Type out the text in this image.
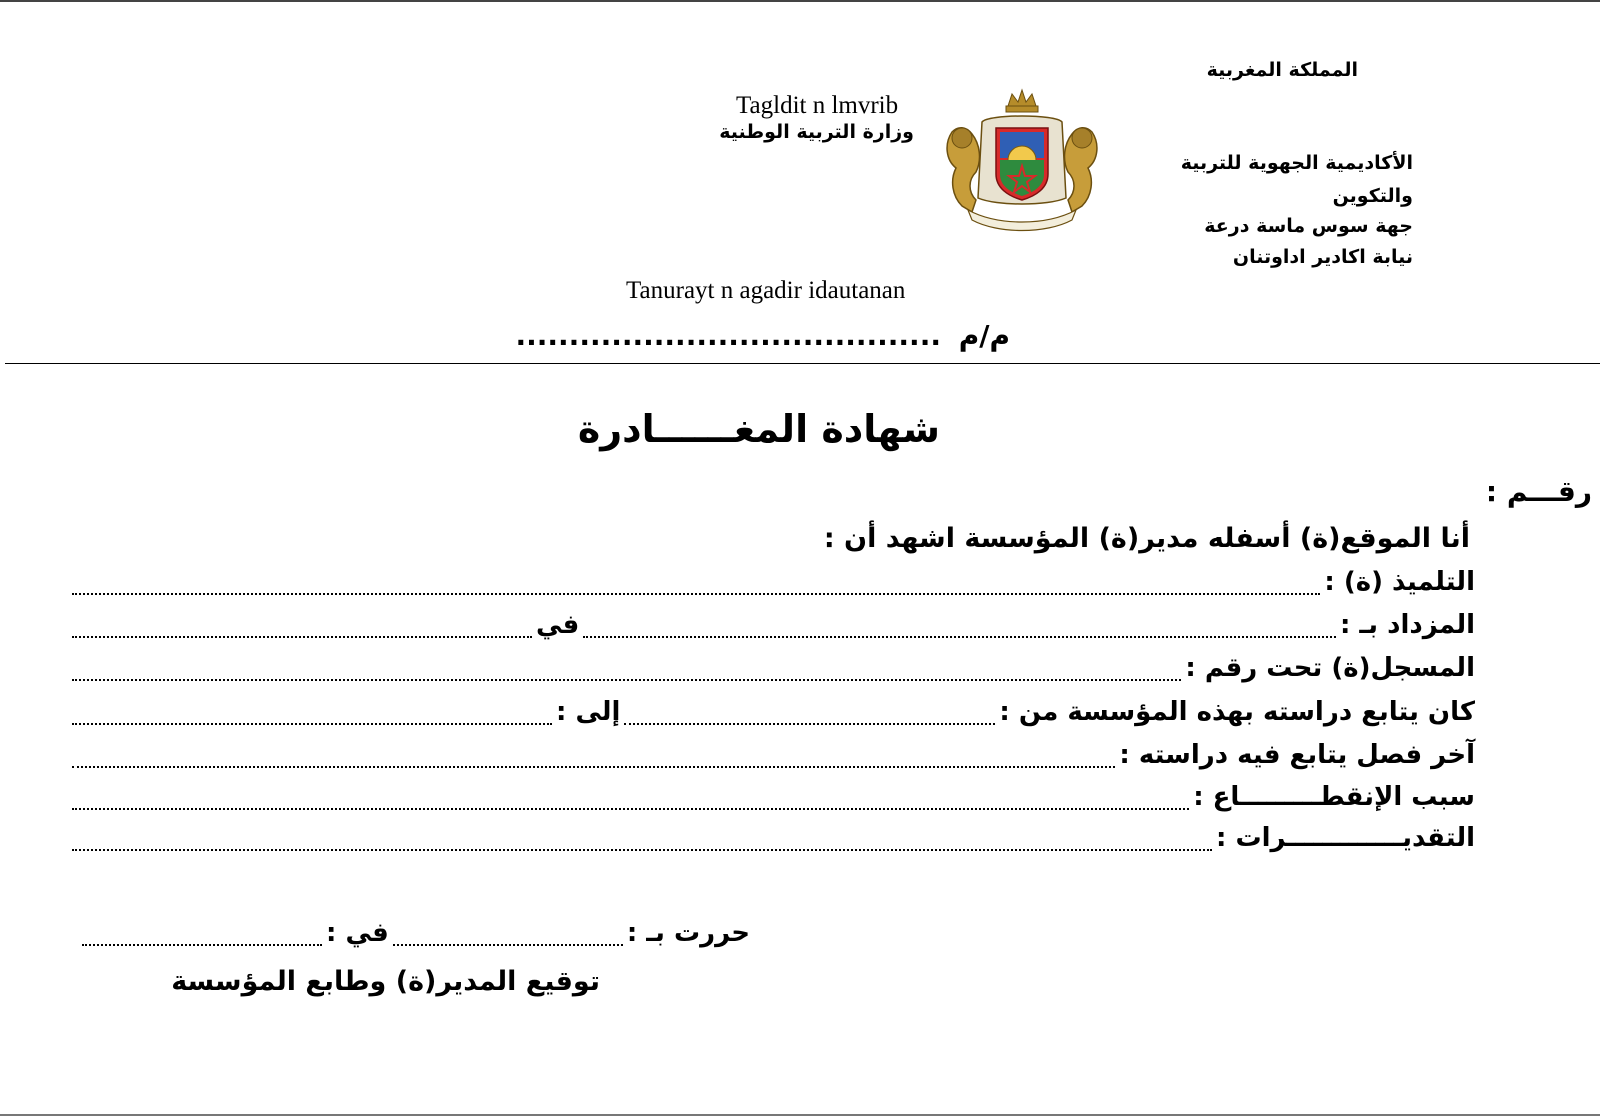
المملكة المغربية
Tagldit n lmvrib
وزارة التربية الوطنية
الأكاديمية الجهوية للتربية
والتكوين
جهة سوس ماسة درعة
نيابة اكادير اداوتنان
Tanurayt n agadir idautanan
م/م ........................................
شهادة المغــــــادرة
رقـــم :
أنا الموقع(ة) أسفله مدير(ة) المؤسسة اشهد أن :
التلميذ (ة) :
المزداد بـ :
في
المسجل(ة) تحت رقم :
كان يتابع دراسته بهذه المؤسسة من :
إلى :
آخر فصل يتابع فيه دراسته :
سبب الإنقطـــــــــاع :
التقديـــــــــــــرات :
حررت بـ :
في :
توقيع المدير(ة) وطابع المؤسسة
